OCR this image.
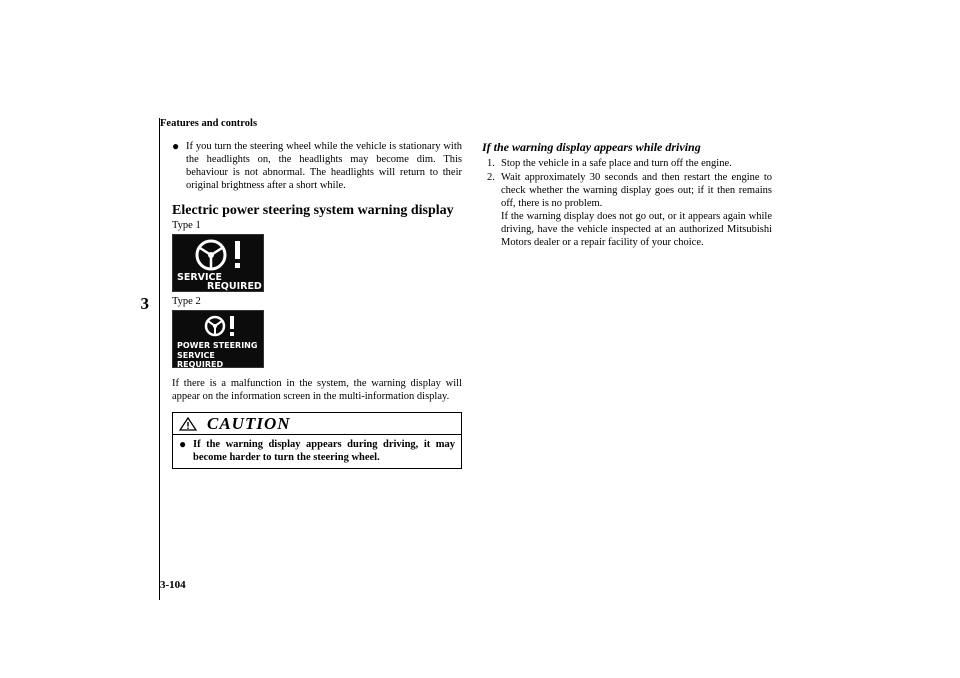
Features and controls
3
● If you turn the steering wheel while the vehicle is stationary with the headlights on, the headlights may become dim. This behaviour is not abnormal. The headlights will return to their original brightness after a short while.
Electric power steering system warning display
Type 1
SERVICE
REQUIRED
Type 2
POWER STEERING
SERVICE REQUIRED
If there is a malfunction in the system, the warning display will appear on the information screen in the multi-information display.
CAUTION
● If the warning display appears during driving, it may become harder to turn the steering wheel.
If the warning display appears while driving
1. Stop the vehicle in a safe place and turn off the engine.
2. Wait approximately 30 seconds and then restart the engine to check whether the warning display goes out; if it then remains off, there is no problem.
If the warning display does not go out, or it appears again while driving, have the vehicle inspected at an authorized Mitsubishi Motors dealer or a repair facility of your choice.
3-104
